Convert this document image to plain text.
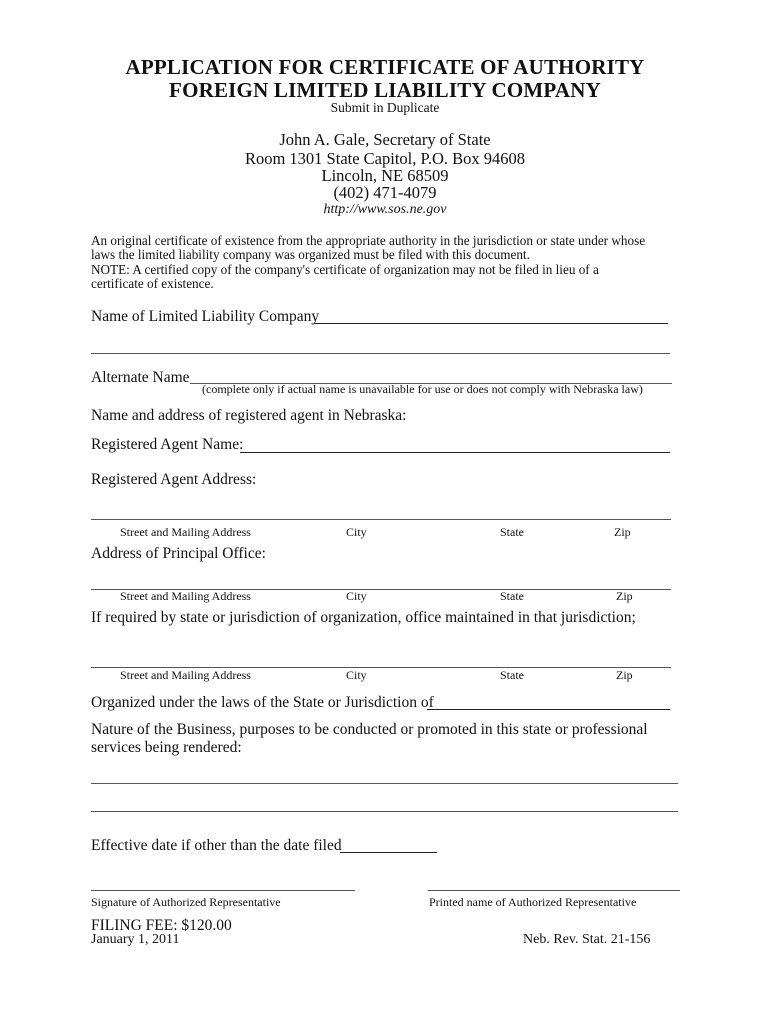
APPLICATION FOR CERTIFICATE OF AUTHORITY
FOREIGN LIMITED LIABILITY COMPANY
Submit in Duplicate
John A. Gale, Secretary of State
Room 1301 State Capitol, P.O. Box 94608
Lincoln, NE 68509
(402) 471-4079
http://www.sos.ne.gov
An original certificate of existence from the appropriate authority in the jurisdiction or state under whose
laws the limited liability company was organized must be filed with this document.
NOTE: A certified copy of the company's certificate of organization may not be filed in lieu of a
certificate of existence.
Name of Limited Liability Company
Alternate Name
(complete only if actual name is unavailable for use or does not comply with Nebraska law)
Name and address of registered agent in Nebraska:
Registered Agent Name:
Registered Agent Address:
Street and Mailing Address	City	State	Zip
Address of Principal Office:
Street and Mailing Address	City	State	Zip
If required by state or jurisdiction of organization, office maintained in that jurisdiction;
Street and Mailing Address	City	State	Zip
Organized under the laws of the State or Jurisdiction of
Nature of the Business, purposes to be conducted or promoted in this state or professional
services being rendered:
Effective date if other than the date filed
Signature of Authorized Representative	Printed name of Authorized Representative
FILING FEE: $120.00
January 1, 2011	Neb. Rev. Stat. 21-156
